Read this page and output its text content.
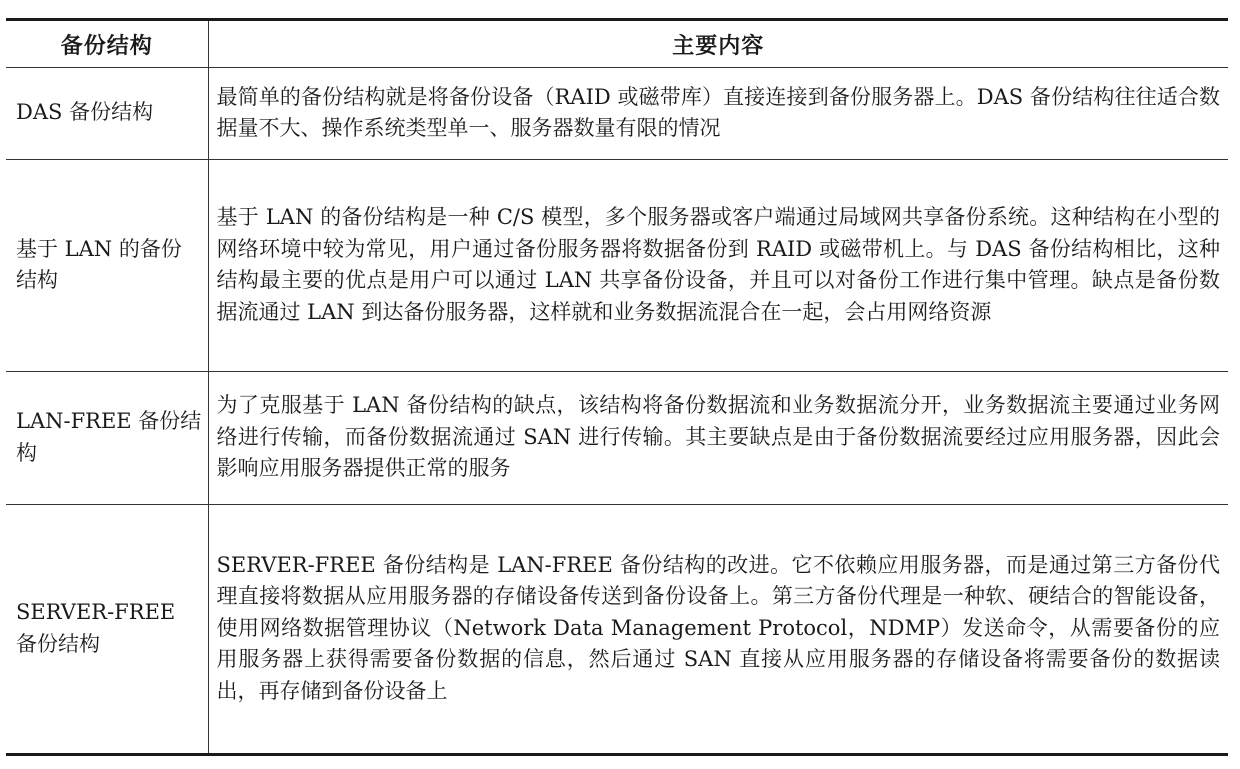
备份结构	主要内容
DAS 备份结构	最简单的备份结构就是将备份设备（RAID 或磁带库）直接连接到备份服务器上。DAS 备份结构往往适合数据量不大、操作系统类型单一、服务器数量有限的情况
基于 LAN 的备份结构	基于 LAN 的备份结构是一种 C/S 模型，多个服务器或客户端通过局域网共享备份系统。这种结构在小型的网络环境中较为常见，用户通过备份服务器将数据备份到 RAID 或磁带机上。与 DAS 备份结构相比，这种结构最主要的优点是用户可以通过 LAN 共享备份设备，并且可以对备份工作进行集中管理。缺点是备份数据流通过 LAN 到达备份服务器，这样就和业务数据流混合在一起，会占用网络资源
LAN-FREE 备份结构	为了克服基于 LAN 备份结构的缺点，该结构将备份数据流和业务数据流分开，业务数据流主要通过业务网络进行传输，而备份数据流通过 SAN 进行传输。其主要缺点是由于备份数据流要经过应用服务器，因此会影响应用服务器提供正常的服务
SERVER-FREE 备份结构	SERVER-FREE 备份结构是 LAN-FREE 备份结构的改进。它不依赖应用服务器，而是通过第三方备份代理直接将数据从应用服务器的存储设备传送到备份设备上。第三方备份代理是一种软、硬结合的智能设备，使用网络数据管理协议（Network Data Management Protocol，NDMP）发送命令，从需要备份的应用服务器上获得需要备份数据的信息，然后通过 SAN 直接从应用服务器的存储设备将需要备份的数据读出，再存储到备份设备上
